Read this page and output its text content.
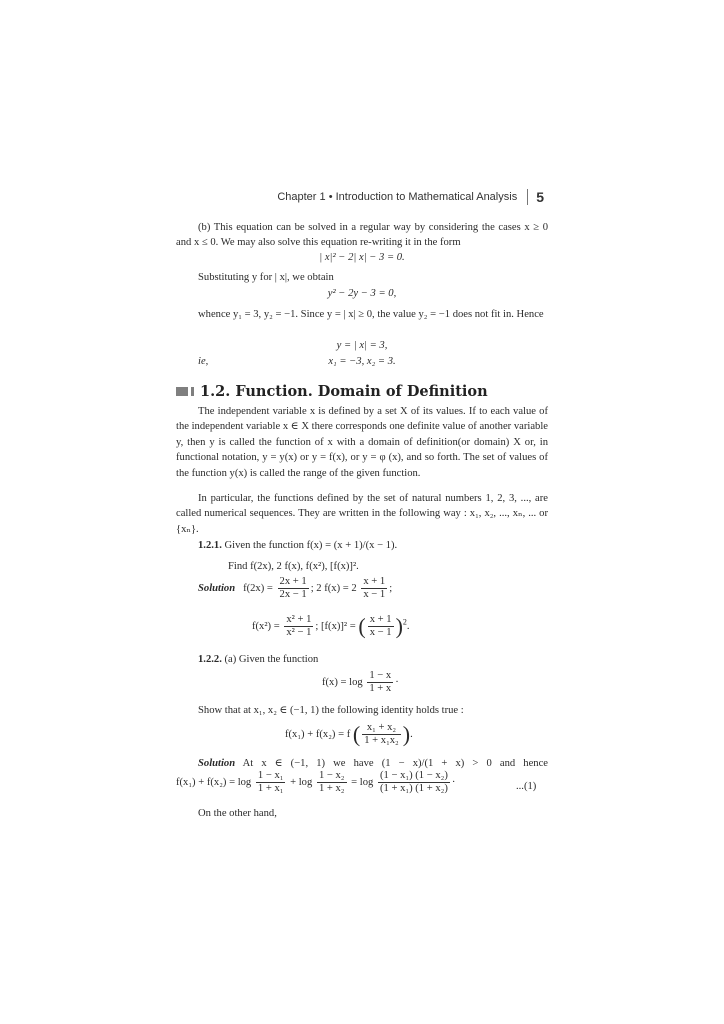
Chapter 1 • Introduction to Mathematical Analysis 5
(b) This equation can be solved in a regular way by considering the cases x ≥ 0 and x ≤ 0. We may also solve this equation re-writing it in the form
| x|² − 2| x| − 3 = 0.
Substituting y for | x|, we obtain
y² − 2y − 3 = 0,
whence y₁ = 3, y₂ = −1. Since y = | x| ≥ 0, the value y₂ = −1 does not fit in. Hence
y = | x| = 3,
ie,	x₁ = −3, x₂ = 3.
1.2. Function. Domain of Definition
The independent variable x is defined by a set X of its values. If to each value of the independent variable x ∈ X there corresponds one definite value of another variable y, then y is called the function of x with a domain of definition(or domain) X or, in functional notation, y = y(x) or y = f(x), or y = φ (x), and so forth. The set of values of the function y(x) is called the range of the given function.
In particular, the functions defined by the set of natural numbers 1, 2, 3, ..., are called numerical sequences. They are written in the following way : x₁, x₂, ..., xₙ, ... or {xₙ}.
1.2.1. Given the function f(x) = (x + 1)/(x − 1).
Find f(2x), 2 f(x), f(x²), [f(x)]².
Solution $f(2x) = \frac{2x + 1}{2x - 1}$ ; 2 $f(x) = 2 \frac{x + 1}{x - 1}$ ;
$f(x^2) = \frac{\text{x² + 1}}{\text{x² − 1}}$ ; [f(x)]² = ( $\frac{x + 1}{x - 1} )^2$.
1.2.2. (a) Given the function
$f(x) = \log \frac{1 - x}{1 + x}$ ·
Show that at x₁, x₂ ∈ (−1, 1) the following identity holds true :
f(x₁) + f(x₂) = f ( $\frac{\text{x₁ + x₂}}{\text{1 + x₁x₂}}$ ).
Solution At x ∈ (−1, 1) we have (1 − x)/(1 + x) > 0 and hence
$f(x_1) + f(x_2) = \log \frac{\text{1 − x₁}}{\text{1 + x₁}} + \log \frac{\text{1 − x₂}}{\text{1 + x₂}} = \log \frac{\text{(1 − x₁) (1 − x₂)}}{\text{(1 + x₁) (1 + x₂)}}$ ·	...(1)
On the other hand,
